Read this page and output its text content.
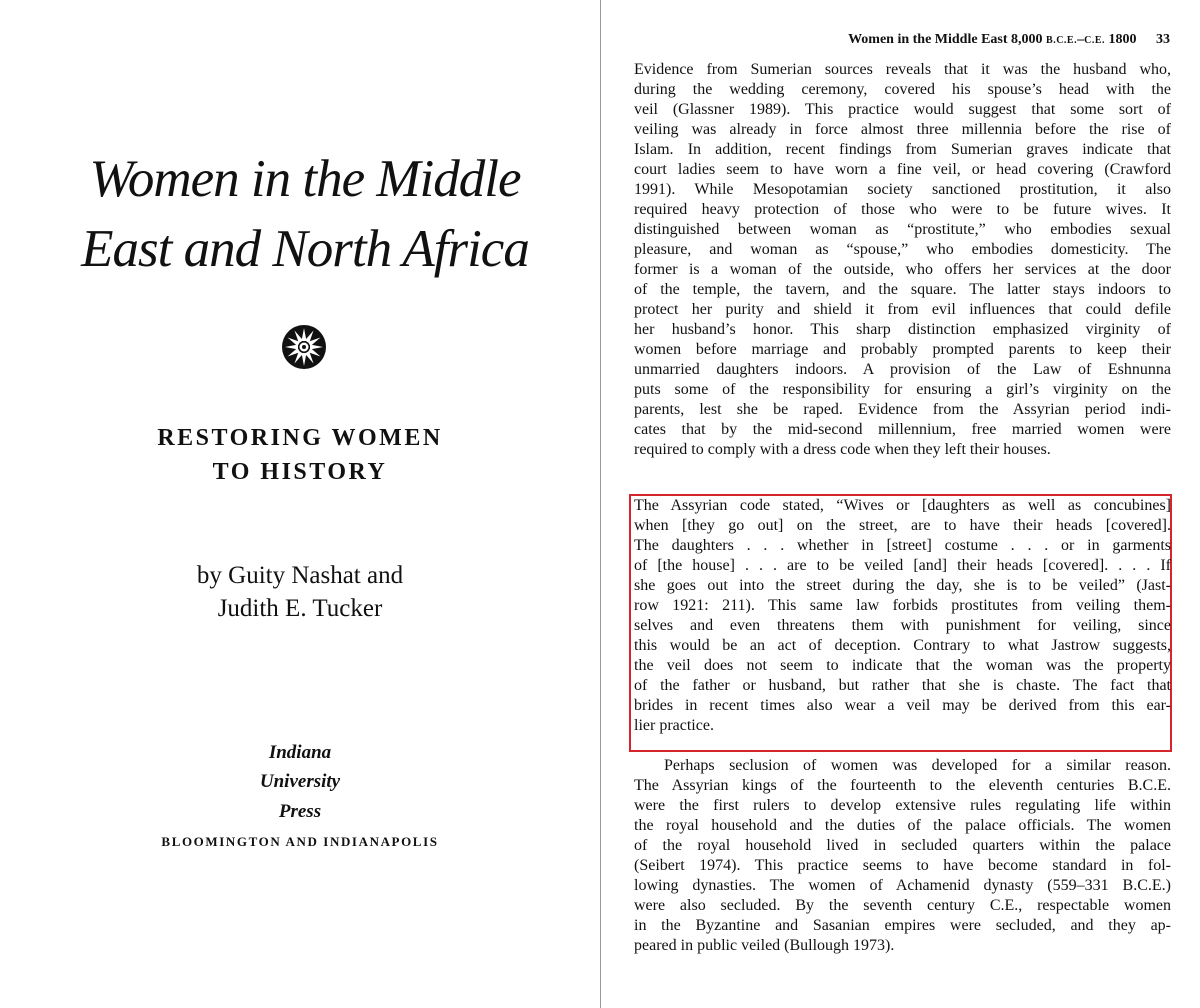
Women in the Middle
East and North Africa
RESTORING WOMEN
TO HISTORY
by Guity Nashat and
Judith E. Tucker
Indiana
University
Press
BLOOMINGTON AND INDIANAPOLIS
Women in the Middle East 8,000 B.C.E.–C.E. 1800 33
Evidence from Sumerian sources reveals that it was the husband who,
during the wedding ceremony, covered his spouse’s head with the
veil (Glassner 1989). This practice would suggest that some sort of
veiling was already in force almost three millennia before the rise of
Islam. In addition, recent findings from Sumerian graves indicate that
court ladies seem to have worn a fine veil, or head covering (Crawford
1991). While Mesopotamian society sanctioned prostitution, it also
required heavy protection of those who were to be future wives. It
distinguished between woman as “prostitute,” who embodies sexual
pleasure, and woman as “spouse,” who embodies domesticity. The
former is a woman of the outside, who offers her services at the door
of the temple, the tavern, and the square. The latter stays indoors to
protect her purity and shield it from evil influences that could defile
her husband’s honor. This sharp distinction emphasized virginity of
women before marriage and probably prompted parents to keep their
unmarried daughters indoors. A provision of the Law of Eshnunna
puts some of the responsibility for ensuring a girl’s virginity on the
parents, lest she be raped. Evidence from the Assyrian period indi-
cates that by the mid-second millennium, free married women were
required to comply with a dress code when they left their houses.
The Assyrian code stated, “Wives or [daughters as well as concubines]
when [they go out] on the street, are to have their heads [covered].
The daughters . . . whether in [street] costume . . . or in garments
of [the house] . . . are to be veiled [and] their heads [covered]. . . . If
she goes out into the street during the day, she is to be veiled” (Jast-
row 1921: 211). This same law forbids prostitutes from veiling them-
selves and even threatens them with punishment for veiling, since
this would be an act of deception. Contrary to what Jastrow suggests,
the veil does not seem to indicate that the woman was the property
of the father or husband, but rather that she is chaste. The fact that
brides in recent times also wear a veil may be derived from this ear-
lier practice.
Perhaps seclusion of women was developed for a similar reason.
The Assyrian kings of the fourteenth to the eleventh centuries B.C.E.
were the first rulers to develop extensive rules regulating life within
the royal household and the duties of the palace officials. The women
of the royal household lived in secluded quarters within the palace
(Seibert 1974). This practice seems to have become standard in fol-
lowing dynasties. The women of Achamenid dynasty (559–331 B.C.E.)
were also secluded. By the seventh century C.E., respectable women
in the Byzantine and Sasanian empires were secluded, and they ap-
peared in public veiled (Bullough 1973).
